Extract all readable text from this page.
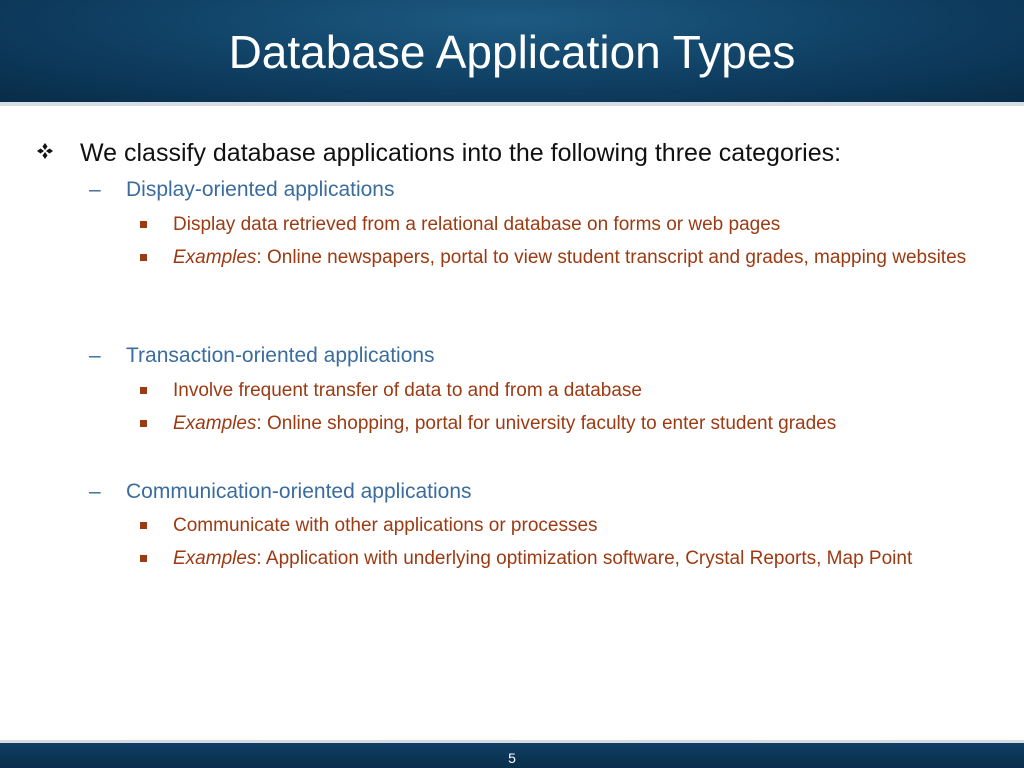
Database Application Types
We classify database applications into the following three categories:
– Display-oriented applications
Display data retrieved from a relational database on forms or web pages
Examples: Online newspapers, portal to view student transcript and grades, mapping websites
– Transaction-oriented applications
Involve frequent transfer of data to and from a database
Examples: Online shopping, portal for university faculty to enter student grades
– Communication-oriented applications
Communicate with other applications or processes
Examples: Application with underlying optimization software, Crystal Reports, Map Point
5
